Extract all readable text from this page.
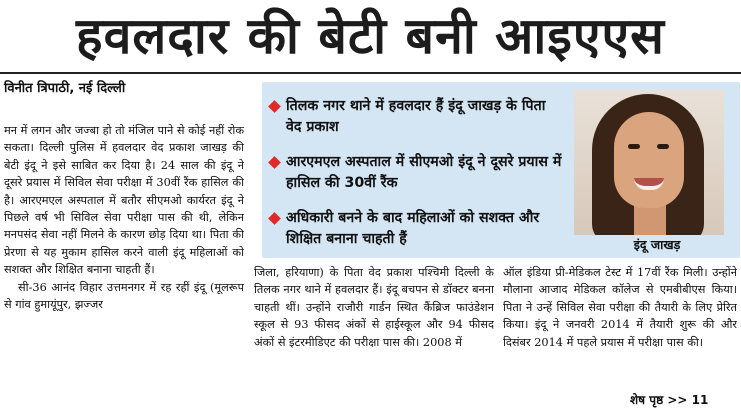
हवलदार की बेटी बनी आइएएस
विनीत त्रिपाठी, नई दिल्ली

मन में लगन और जज्बा हो तो मंजिल पाने से कोई नहीं रोक सकता। दिल्ली पुलिस में हवलदार वेद प्रकाश जाखड़ की बेटी इंदू ने इसे साबित कर दिया है। 24 साल की इंदू ने दूसरे प्रयास में सिविल सेवा परीक्षा में 30वीं रैंक हासिल की है। आरएमएल अस्पताल में बतौर सीएमओ कार्यरत इंदू ने पिछले वर्ष भी सिविल सेवा परीक्षा पास की थी, लेकिन मनपसंद सेवा नहीं मिलने के कारण छोड़ दिया था। पिता की प्रेरणा से यह मुकाम हासिल करने वाली इंदू महिलाओं को सशक्त और शिक्षित बनाना चाहती हैं।

सी-36 आनंद विहार उत्तमनगर में रह रहीं इंदू (मूलरूप से गांव हुमायूंपुर, झज्जर

तिलक नगर थाने में हवलदार हैं इंदू जाखड़ के पिता वेद प्रकाश
आरएमएल अस्पताल में सीएमओ इंदू ने दूसरे प्रयास में हासिल की 30वीं रैंक
अधिकारी बनने के बाद महिलाओं को सशक्त और शिक्षित बनाना चाहती हैं	इंदू जाखड़

जिला, हरियाणा) के पिता वेद प्रकाश पश्चिमी दिल्ली के तिलक नगर थाने में हवलदार हैं। इंदू बचपन से डॉक्टर बनना चाहती थीं। उन्होंने राजौरी गार्डन स्थित कैंब्रिज फाउंडेशन स्कूल से 93 फीसद अंकों से हाईस्कूल और 94 फीसद अंकों से इंटरमीडिएट की परीक्षा पास की। 2008 में

ऑल इंडिया प्री-मेडिकल टेस्ट में 17वीं रैंक मिली। उन्होंने मौलाना आजाद मेडिकल कॉलेज से एमबीबीएस किया। पिता ने उन्हें सिविल सेवा परीक्षा की तैयारी के लिए प्रेरित किया। इंदू ने जनवरी 2014 में तैयारी शुरू की और दिसंबर 2014 में पहले प्रयास में परीक्षा पास की।

शेष पृष्ठ >> 11
